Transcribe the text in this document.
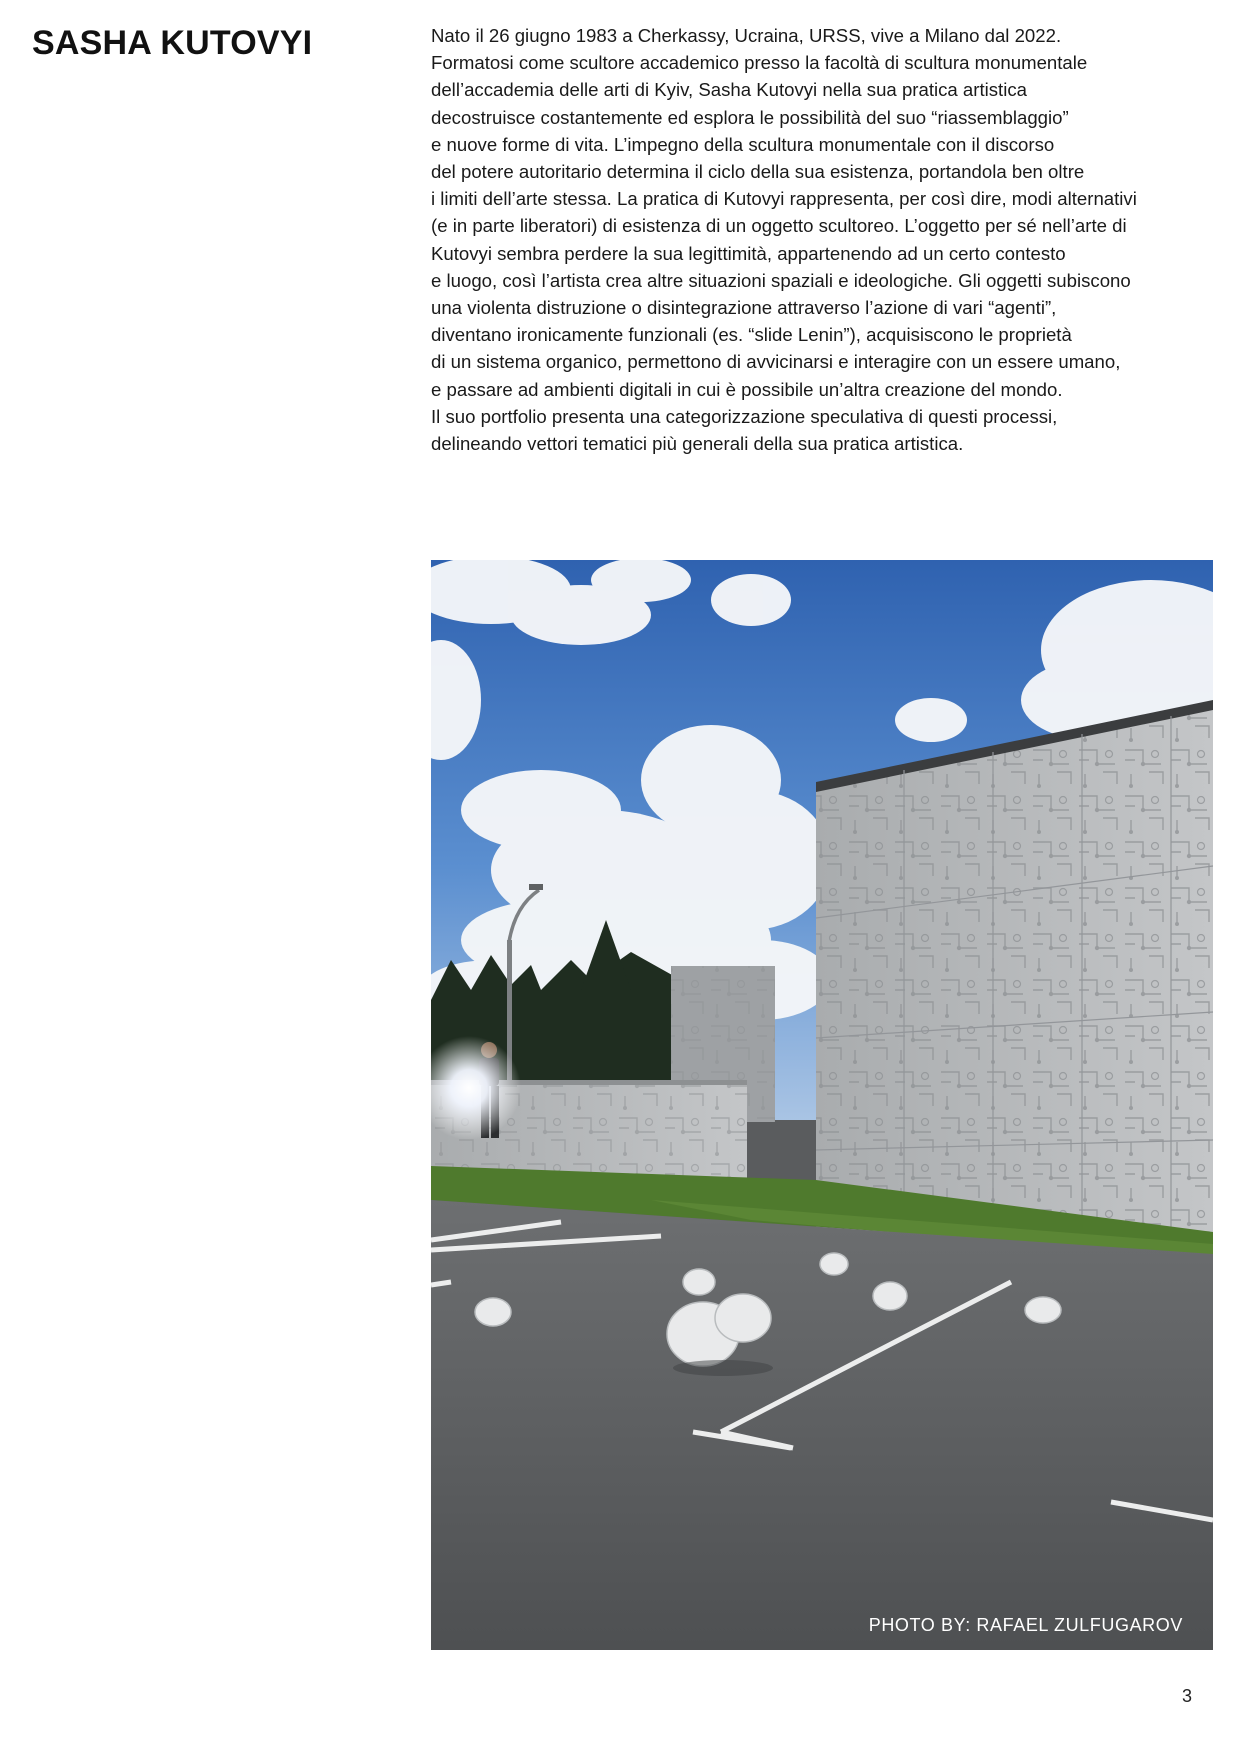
SASHA KUTOVYI	Nato il 26 giugno 1983 a Cherkassy, Ucraina, URSS, vive a Milano dal 2022.
Formatosi come scultore accademico presso la facoltà di scultura monumentale
dell’accademia delle arti di Kyiv, Sasha Kutovyi nella sua pratica artistica
decostruisce costantemente ed esplora le possibilità del suo “riassemblaggio”
e nuove forme di vita. L’impegno della scultura monumentale con il discorso
del potere autoritario determina il ciclo della sua esistenza, portandola ben oltre
i limiti dell’arte stessa. La pratica di Kutovyi rappresenta, per così dire, modi alternativi
(e in parte liberatori) di esistenza di un oggetto scultoreo. L’oggetto per sé nell’arte di
Kutovyi sembra perdere la sua legittimità, appartenendo ad un certo contesto
e luogo, così l’artista crea altre situazioni spaziali e ideologiche. Gli oggetti subiscono
una violenta distruzione o disintegrazione attraverso l’azione di vari “agenti”,
diventano ironicamente funzionali (es. “slide Lenin”), acquisiscono le proprietà
di un sistema organico, permettono di avvicinarsi e interagire con un essere umano,
e passare ad ambienti digitali in cui è possibile un’altra creazione del mondo.
Il suo portfolio presenta una categorizzazione speculativa di questi processi,
delineando vettori tematici più generali della sua pratica artistica.

PHOTO BY: RAFAEL ZULFUGAROV
3
